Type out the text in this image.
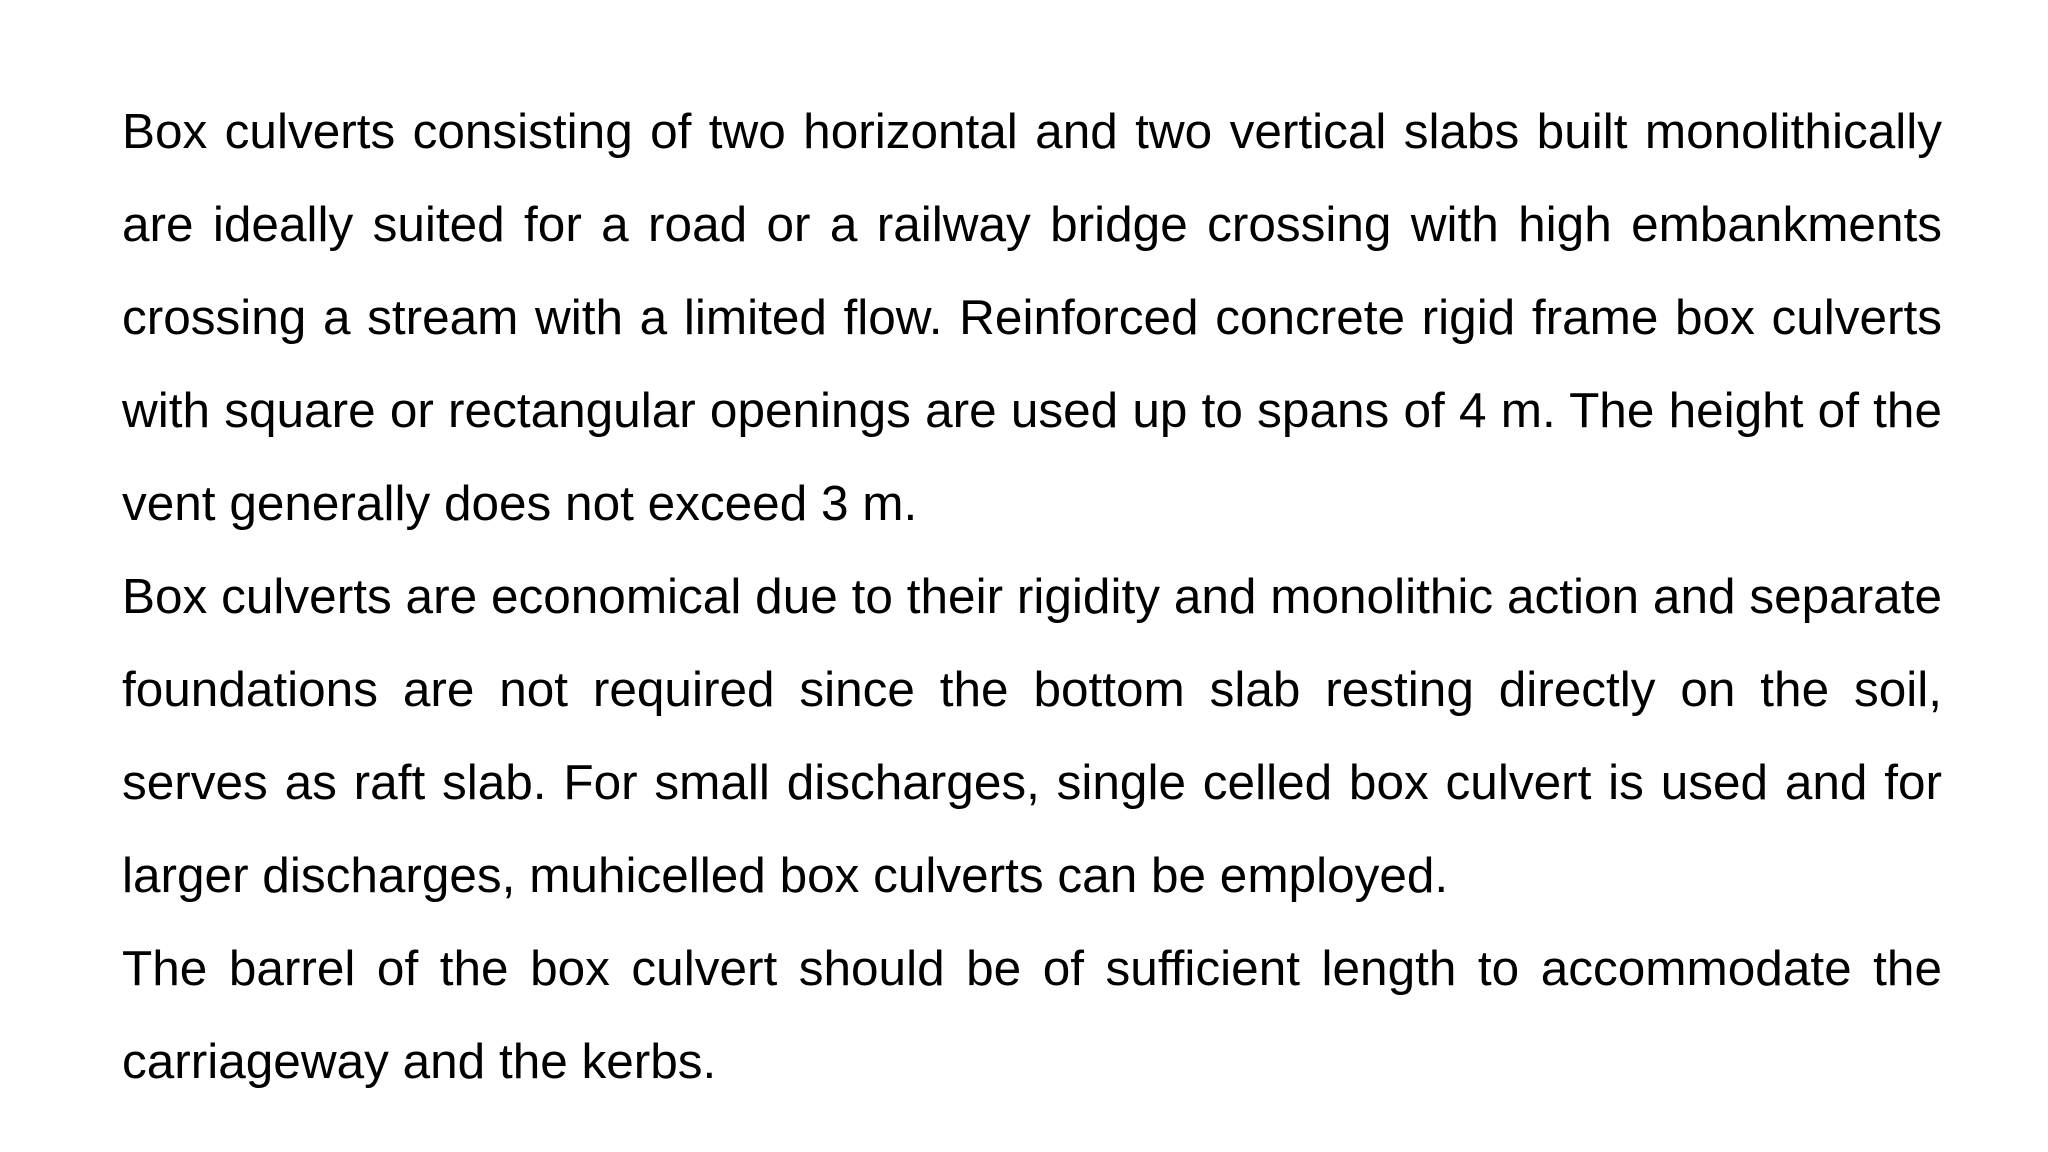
Box culverts consisting of two horizontal and two vertical slabs built monolithically are ideally suited for a road or a railway bridge crossing with high embankments crossing a stream with a limited flow. Reinforced concrete rigid frame box culverts with square or rectangular openings are used up to spans of 4 m. The height of the vent generally does not exceed 3 m.

Box culverts are economical due to their rigidity and monolithic action and separate foundations are not required since the bottom slab resting directly on the soil, serves as raft slab. For small discharges, single celled box culvert is used and for larger discharges, muhicelled box culverts can be employed.

The barrel of the box culvert should be of sufficient length to accommodate the carriageway and the kerbs.
